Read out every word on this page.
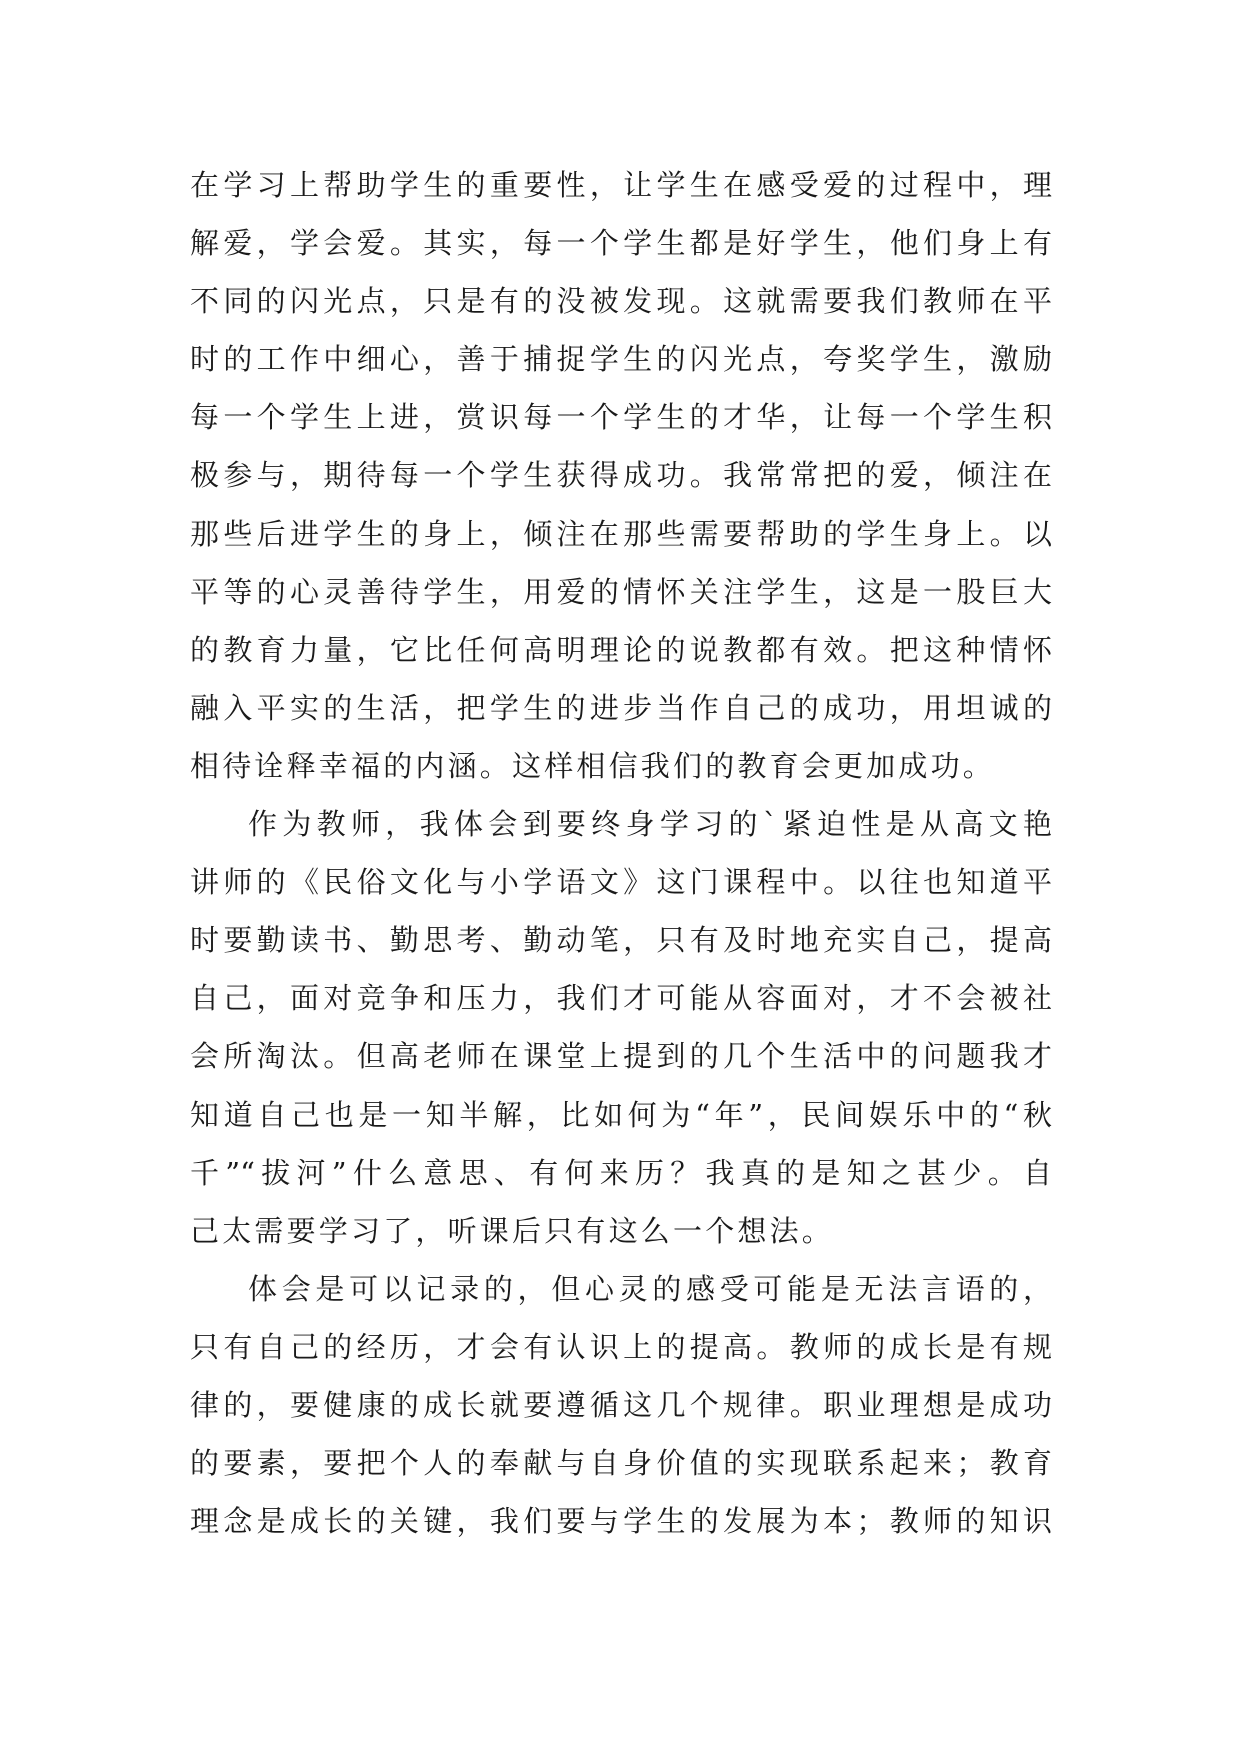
在学习上帮助学生的重要性，让学生在感受爱的过程中，理
解爱，学会爱。其实，每一个学生都是好学生，他们身上有
不同的闪光点，只是有的没被发现。这就需要我们教师在平
时的工作中细心，善于捕捉学生的闪光点，夸奖学生，激励
每一个学生上进，赏识每一个学生的才华，让每一个学生积
极参与，期待每一个学生获得成功。我常常把的爱，倾注在
那些后进学生的身上，倾注在那些需要帮助的学生身上。以
平等的心灵善待学生，用爱的情怀关注学生，这是一股巨大
的教育力量，它比任何高明理论的说教都有效。把这种情怀
融入平实的生活，把学生的进步当作自己的成功，用坦诚的
相待诠释幸福的内涵。这样相信我们的教育会更加成功。
作为教师，我体会到要终身学习的`紧迫性是从高文艳
讲师的《民俗文化与小学语文》这门课程中。以往也知道平
时要勤读书、勤思考、勤动笔，只有及时地充实自己，提高
自己，面对竞争和压力，我们才可能从容面对，才不会被社
会所淘汰。但高老师在课堂上提到的几个生活中的问题我才
知道自己也是一知半解，比如何为“年”，民间娱乐中的“秋
千”“拔河”什么意思、有何来历？我真的是知之甚少。自
己太需要学习了，听课后只有这么一个想法。
体会是可以记录的，但心灵的感受可能是无法言语的，
只有自己的经历，才会有认识上的提高。教师的成长是有规
律的，要健康的成长就要遵循这几个规律。职业理想是成功
的要素，要把个人的奉献与自身价值的实现联系起来；教育
理念是成长的关键，我们要与学生的发展为本；教师的知识
